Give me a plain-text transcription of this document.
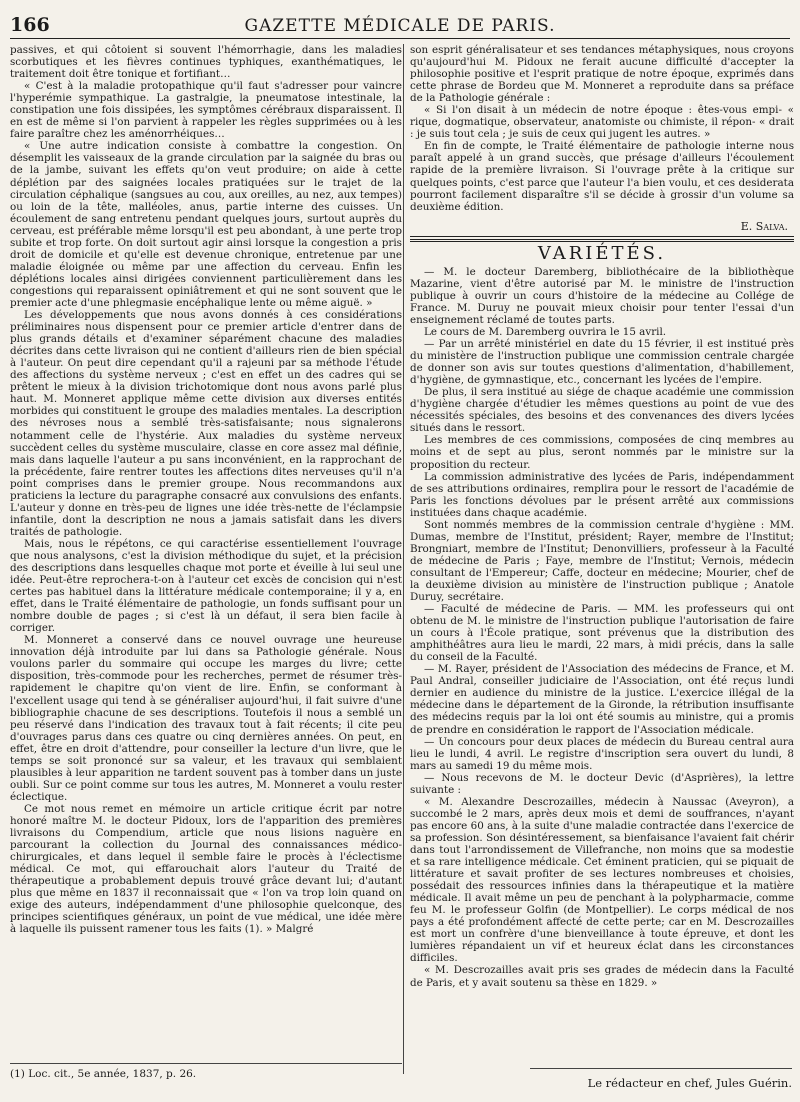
166	GAZETTE MÉDICALE DE PARIS.

passives, et qui côtoient si souvent l'hémorrhagie, dans les maladies scorbutiques et les fièvres continues typhiques, exanthématiques, le traitement doit être tonique et fortifiant…

« C'est à la maladie protopathique qu'il faut s'adresser pour vaincre l'hyperémie sympathique. La gastralgie, la pneumatose intestinale, la constipation une fois dissipées, les symptômes cérébraux disparaissent. Il en est de même si l'on parvient à rappeler les règles supprimées ou à les faire paraître chez les aménorrhéiques…

« Une autre indication consiste à combattre la congestion. On désemplit les vaisseaux de la grande circulation par la saignée du bras ou de la jambe, suivant les effets qu'on veut produire; on aide à cette déplétion par des saignées locales pratiquées sur le trajet de la circulation céphalique (sangsues au cou, aux oreilles, au nez, aux tempes) ou loin de la tête, malléoles, anus, partie interne des cuisses. Un écoulement de sang entretenu pendant quelques jours, surtout auprès du cerveau, est préférable même lorsqu'il est peu abondant, à une perte trop subite et trop forte. On doit surtout agir ainsi lorsque la congestion a pris droit de domicile et qu'elle est devenue chronique, entretenue par une maladie éloignée ou même par une affection du cerveau. Enfin les déplétions locales ainsi dirigées conviennent particulièrement dans les congestions qui reparaissent opiniâtrement et qui ne sont souvent que le premier acte d'une phlegmasie encéphalique lente ou même aiguë. »

Les développements que nous avons donnés à ces considérations préliminaires nous dispensent pour ce premier article d'entrer dans de plus grands détails et d'examiner séparément chacune des maladies décrites dans cette livraison qui ne contient d'ailleurs rien de bien spécial à l'auteur. On peut dire cependant qu'il a rajeuni par sa méthode l'étude des affections du système nerveux ; c'est en effet un des cadres qui se prêtent le mieux à la division trichotomique dont nous avons parlé plus haut. M. Monneret applique même cette division aux diverses entités morbides qui constituent le groupe des maladies mentales. La description des névroses nous a semblé très-satisfaisante; nous signalerons notamment celle de l'hystérie. Aux maladies du système nerveux succèdent celles du système musculaire, classe en core assez mal définie, mais dans laquelle l'auteur a pu sans inconvénient, en la rapprochant de la précédente, faire rentrer toutes les affections dites nerveuses qu'il n'a point comprises dans le premier groupe. Nous recommandons aux praticiens la lecture du paragraphe consacré aux convulsions des enfants. L'auteur y donne en très-peu de lignes une idée très-nette de l'éclampsie infantile, dont la description ne nous a jamais satisfait dans les divers traités de pathologie.

Mais, nous le répétons, ce qui caractérise essentiellement l'ouvrage que nous analysons, c'est la division méthodique du sujet, et la précision des descriptions dans lesquelles chaque mot porte et éveille à lui seul une idée. Peut-être reprochera-t-on à l'auteur cet excès de concision qui n'est certes pas habituel dans la littérature médicale contemporaine; il y a, en effet, dans le Traité élémentaire de pathologie, un fonds suffisant pour un nombre double de pages ; si c'est là un défaut, il sera bien facile à corriger.

M. Monneret a conservé dans ce nouvel ouvrage une heureuse innovation déjà introduite par lui dans sa Pathologie générale. Nous voulons parler du sommaire qui occupe les marges du livre; cette disposition, très-commode pour les recherches, permet de résumer très-rapidement le chapitre qu'on vient de lire. Enfin, se conformant à l'excellent usage qui tend à se généraliser aujourd'hui, il fait suivre d'une bibliographie chacune de ses descriptions. Toutefois il nous a semblé un peu réservé dans l'indication des travaux tout à fait récents; il cite peu d'ouvrages parus dans ces quatre ou cinq dernières années. On peut, en effet, être en droit d'attendre, pour conseiller la lecture d'un livre, que le temps se soit prononcé sur sa valeur, et les travaux qui semblaient plausibles à leur apparition ne tardent souvent pas à tomber dans un juste oubli. Sur ce point comme sur tous les autres, M. Monneret a voulu rester éclectique.

Ce mot nous remet en mémoire un article critique écrit par notre honoré maître M. le docteur Pidoux, lors de l'apparition des premières livraisons du Compendium, article que nous lisions naguère en parcourant la collection du Journal des connaissances médico-chirurgicales, et dans lequel il semble faire le procès à l'éclectisme médical. Ce mot, qui effarouchait alors l'auteur du Traité de thérapeutique a probablement depuis trouvé grâce devant lui; d'autant plus que même en 1837 il reconnaissait que « l'on va trop loin quand on exige des auteurs, indépendamment d'une philosophie quelconque, des principes scientifiques généraux, un point de vue médical, une idée mère à laquelle ils puissent ramener tous les faits (1). » Malgré

son esprit généralisateur et ses tendances métaphysiques, nous croyons qu'aujourd'hui M. Pidoux ne ferait aucune difficulté d'accepter la philosophie positive et l'esprit pratique de notre époque, exprimés dans cette phrase de Bordeu que M. Monneret a reproduite dans sa préface de la Pathologie générale :

« Si l'on disait à un médecin de notre époque : êtes-vous empi- « rique, dogmatique, observateur, anatomiste ou chimiste, il répon- « drait : je suis tout cela ; je suis de ceux qui jugent les autres. »

En fin de compte, le Traité élémentaire de pathologie interne nous paraît appelé à un grand succès, que présage d'ailleurs l'écoulement rapide de la première livraison. Si l'ouvrage prête à la critique sur quelques points, c'est parce que l'auteur l'a bien voulu, et ces desiderata pourront facilement disparaître s'il se décide à grossir d'un volume sa deuxième édition.

E. Salva.
VARIÉTÉS.

— M. le docteur Daremberg, bibliothécaire de la bibliothèque Mazarine, vient d'être autorisé par M. le ministre de l'instruction publique à ouvrir un cours d'histoire de la médecine au Collége de France. M. Duruy ne pouvait mieux choisir pour tenter l'essai d'un enseignement réclamé de toutes parts.

Le cours de M. Daremberg ouvrira le 15 avril.

— Par un arrêté ministériel en date du 15 février, il est institué près du ministère de l'instruction publique une commission centrale chargée de donner son avis sur toutes questions d'alimentation, d'habillement, d'hygiène, de gymnastique, etc., concernant les lycées de l'empire.

De plus, il sera institué au siége de chaque académie une commission d'hygiène chargée d'étudier les mêmes questions au point de vue des nécessités spéciales, des besoins et des convenances des divers lycées situés dans le ressort.

Les membres de ces commissions, composées de cinq membres au moins et de sept au plus, seront nommés par le ministre sur la proposition du recteur.

La commission administrative des lycées de Paris, indépendamment de ses attributions ordinaires, remplira pour le ressort de l'académie de Paris les fonctions dévolues par le présent arrêté aux commissions instituées dans chaque académie.

Sont nommés membres de la commission centrale d'hygiène : MM. Dumas, membre de l'Institut, président; Rayer, membre de l'Institut; Brongniart, membre de l'Institut; Denonvilliers, professeur à la Faculté de médecine de Paris ; Faye, membre de l'Institut; Vernois, médecin consultant de l'Empereur; Caffe, docteur en médecine; Mourier, chef de la deuxième division au ministère de l'instruction publique ; Anatole Duruy, secrétaire.

— Faculté de médecine de Paris. — MM. les professeurs qui ont obtenu de M. le ministre de l'instruction publique l'autorisation de faire un cours à l'École pratique, sont prévenus que la distribution des amphithéâtres aura lieu le mardi, 22 mars, à midi précis, dans la salle du conseil de la Faculté.

— M. Rayer, président de l'Association des médecins de France, et M. Paul Andral, conseiller judiciaire de l'Association, ont été reçus lundi dernier en audience du ministre de la justice. L'exercice illégal de la médecine dans le département de la Gironde, la rétribution insuffisante des médecins requis par la loi ont été soumis au ministre, qui a promis de prendre en considération le rapport de l'Association médicale.

— Un concours pour deux places de médecin du Bureau central aura lieu le lundi, 4 avril. Le registre d'inscription sera ouvert du lundi, 8 mars au samedi 19 du même mois.

— Nous recevons de M. le docteur Devic (d'Asprières), la lettre suivante :

« M. Alexandre Descrozailles, médecin à Naussac (Aveyron), a succombé le 2 mars, après deux mois et demi de souffrances, n'ayant pas encore 60 ans, à la suite d'une maladie contractée dans l'exercice de sa profession. Son désintéressement, sa bienfaisance l'avaient fait chérir dans tout l'arrondissement de Villefranche, non moins que sa modestie et sa rare intelligence médicale. Cet éminent praticien, qui se piquait de littérature et savait profiter de ses lectures nombreuses et choisies, possédait des ressources infinies dans la thérapeutique et la matière médicale. Il avait même un peu de penchant à la polypharmacie, comme feu M. le professeur Golfin (de Montpellier). Le corps médical de nos pays a été profondément affecté de cette perte; car en M. Descrozailles est mort un confrère d'une bienveillance à toute épreuve, et dont les lumières répandaient un vif et heureux éclat dans les circonstances difficiles.

« M. Descrozailles avait pris ses grades de médecin dans la Faculté de Paris, et y avait soutenu sa thèse en 1829. »

(1) Loc. cit., 5e année, 1837, p. 26.
Le rédacteur en chef, Jules Guérin.
